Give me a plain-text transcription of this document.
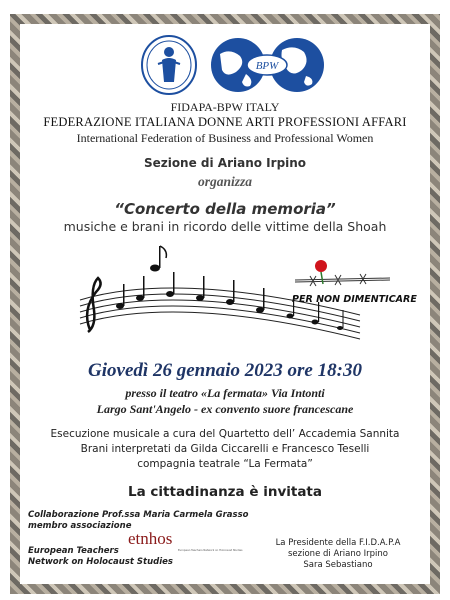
BPW
FIDAPA-BPW ITALY
FEDERAZIONE ITALIANA DONNE ARTI PROFESSIONI AFFARI
International Federation of Business and Professional Women
Sezione di Ariano Irpino
organizza
“Concerto della memoria”
musiche e brani in ricordo delle vittime della Shoah
PER NON DIMENTICARE
Giovedì 26 gennaio 2023 ore 18:30
presso il teatro «La fermata» Via Intonti
Largo Sant'Angelo - ex convento suore francescane
Esecuzione musicale a cura del Quartetto dell’ Accademia Sannita
Brani interpretati da Gilda Ciccarelli e Francesco Teselli
compagnia teatrale “La Fermata”
La cittadinanza è invitata
Collaborazione Prof.ssa Maria Carmela Grasso
membro associazione
etnhos
European Teachers Network on Holocaust Studies
European Teachers
Network on Holocaust Studies
La Presidente della F.I.D.A.P.A
sezione di Ariano Irpino
Sara Sebastiano
